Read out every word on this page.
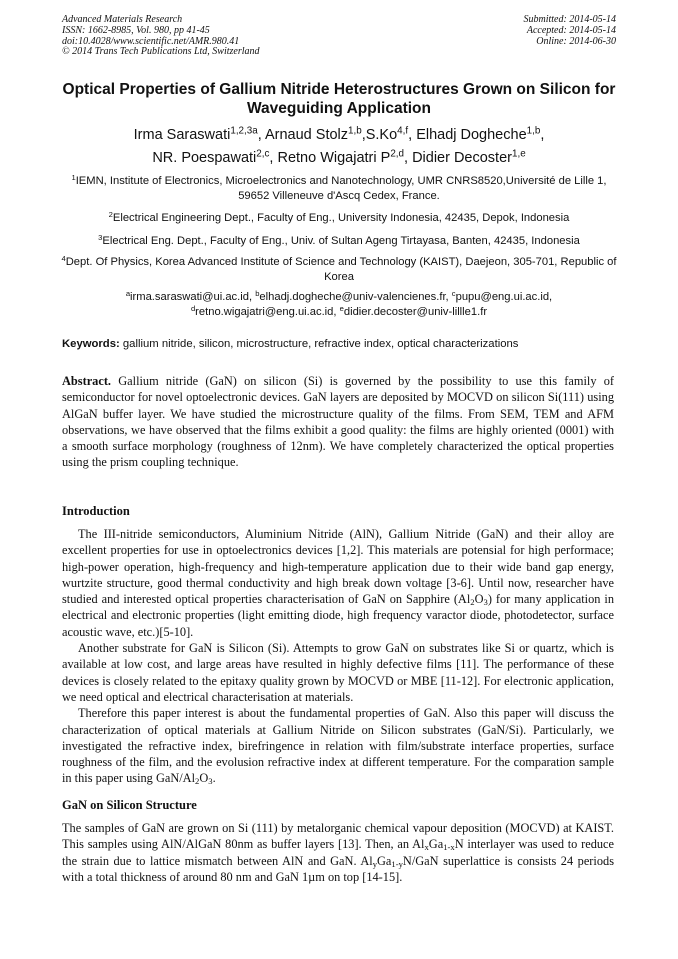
Advanced Materials Research
ISSN: 1662-8985, Vol. 980, pp 41-45
doi:10.4028/www.scientific.net/AMR.980.41
© 2014 Trans Tech Publications Ltd, Switzerland
Submitted: 2014-05-14
Accepted: 2014-05-14
Online: 2014-06-30
Optical Properties of Gallium Nitride Heterostructures Grown on Silicon for Waveguiding Application
Irma Saraswati$^{1,2,3a}$, Arnaud Stolz$^{1,b}$,S.Ko$^{4,f}$, Elhadj Dogheche$^{1,b}$,
NR. Poespawati$^{2,c}$, Retno Wigajatri P$^{2,d}$, Didier Decoster$^{1,e}$
$^1$IEMN, Institute of Electronics, Microelectronics and Nanotechnology, UMR CNRS8520,Université de Lille 1, 59652 Villeneuve d'Ascq Cedex, France.
$^2$Electrical Engineering Dept., Faculty of Eng., University Indonesia, 42435, Depok, Indonesia
$^3$Electrical Eng. Dept., Faculty of Eng., Univ. of Sultan Ageng Tirtayasa, Banten, 42435, Indonesia
$^4$Dept. Of Physics, Korea Advanced Institute of Science and Technology (KAIST), Daejeon, 305-701, Republic of Korea
$^a$irma.saraswati@ui.ac.id, $^b$elhadj.dogheche@univ-valencienes.fr, $^c$pupu@eng.ui.ac.id, $^d$retno.wigajatri@eng.ui.ac.id, $^e$didier.decoster@univ-lillle1.fr
Keywords: gallium nitride, silicon, microstructure, refractive index, optical characterizations

Abstract. Gallium nitride (GaN) on silicon (Si) is governed by the possibility to use this family of semiconductor for novel optoelectronic devices. GaN layers are deposited by MOCVD on silicon Si(111) using AlGaN buffer layer. We have studied the microstructure quality of the films. From SEM, TEM and AFM observations, we have observed that the films exhibit a good quality: the films are highly oriented (0001) with a smooth surface morphology (roughness of 12nm). We have completely characterized the optical properties using the prism coupling technique.

Introduction

The III-nitride semiconductors, Aluminium Nitride (AlN), Gallium Nitride (GaN) and their alloy are excellent properties for use in optoelectronics devices [1,2]. This materials are potensial for high performace; high-power operation, high-frequency and high-temperature application due to their wide band gap energy, wurtzite structure, good thermal conductivity and high break down voltage [3-6]. Until now, researcher have studied and interested optical properties characterisation of GaN on Sapphire $(Al_2O_3)$ for many application in electrical and electronic properties (light emitting diode, high frequency varactor diode, photodetector, surface acoustic wave, etc.)[5-10].

Another substrate for GaN is Silicon (Si). Attempts to grow GaN on substrates like Si or quartz, which is available at low cost, and large areas have resulted in highly defective films [11]. The performance of these devices is closely related to the epitaxy quality grown by MOCVD or MBE [11-12]. For electronic application, we need optical and electrical characterisation at materials.

Therefore this paper interest is about the fundamental properties of GaN. Also this paper will discuss the characterization of optical materials at Gallium Nitride on Silicon substrates (GaN/Si). Particularly, we investigated the refractive index, birefringence in relation with film/substrate interface properties, surface roughness of the film, and the evolusion refractive index at different temperature. For the comparation sample in this paper using GaN/$Al_2O_3$.

GaN on Silicon Structure

The samples of GaN are grown on Si (111) by metalorganic chemical vapour deposition (MOCVD) at KAIST. This samples using AlN/AlGaN 80nm as buffer layers [13]. Then, an $Al_xGa_{1-x}N$ interlayer was used to reduce the strain due to lattice mismatch between AlN and GaN. $Al_yGa_{1-y}N$/GaN superlattice is consists 24 periods with a total thickness of around 80 nm and GaN 1µm on top [14-15].
